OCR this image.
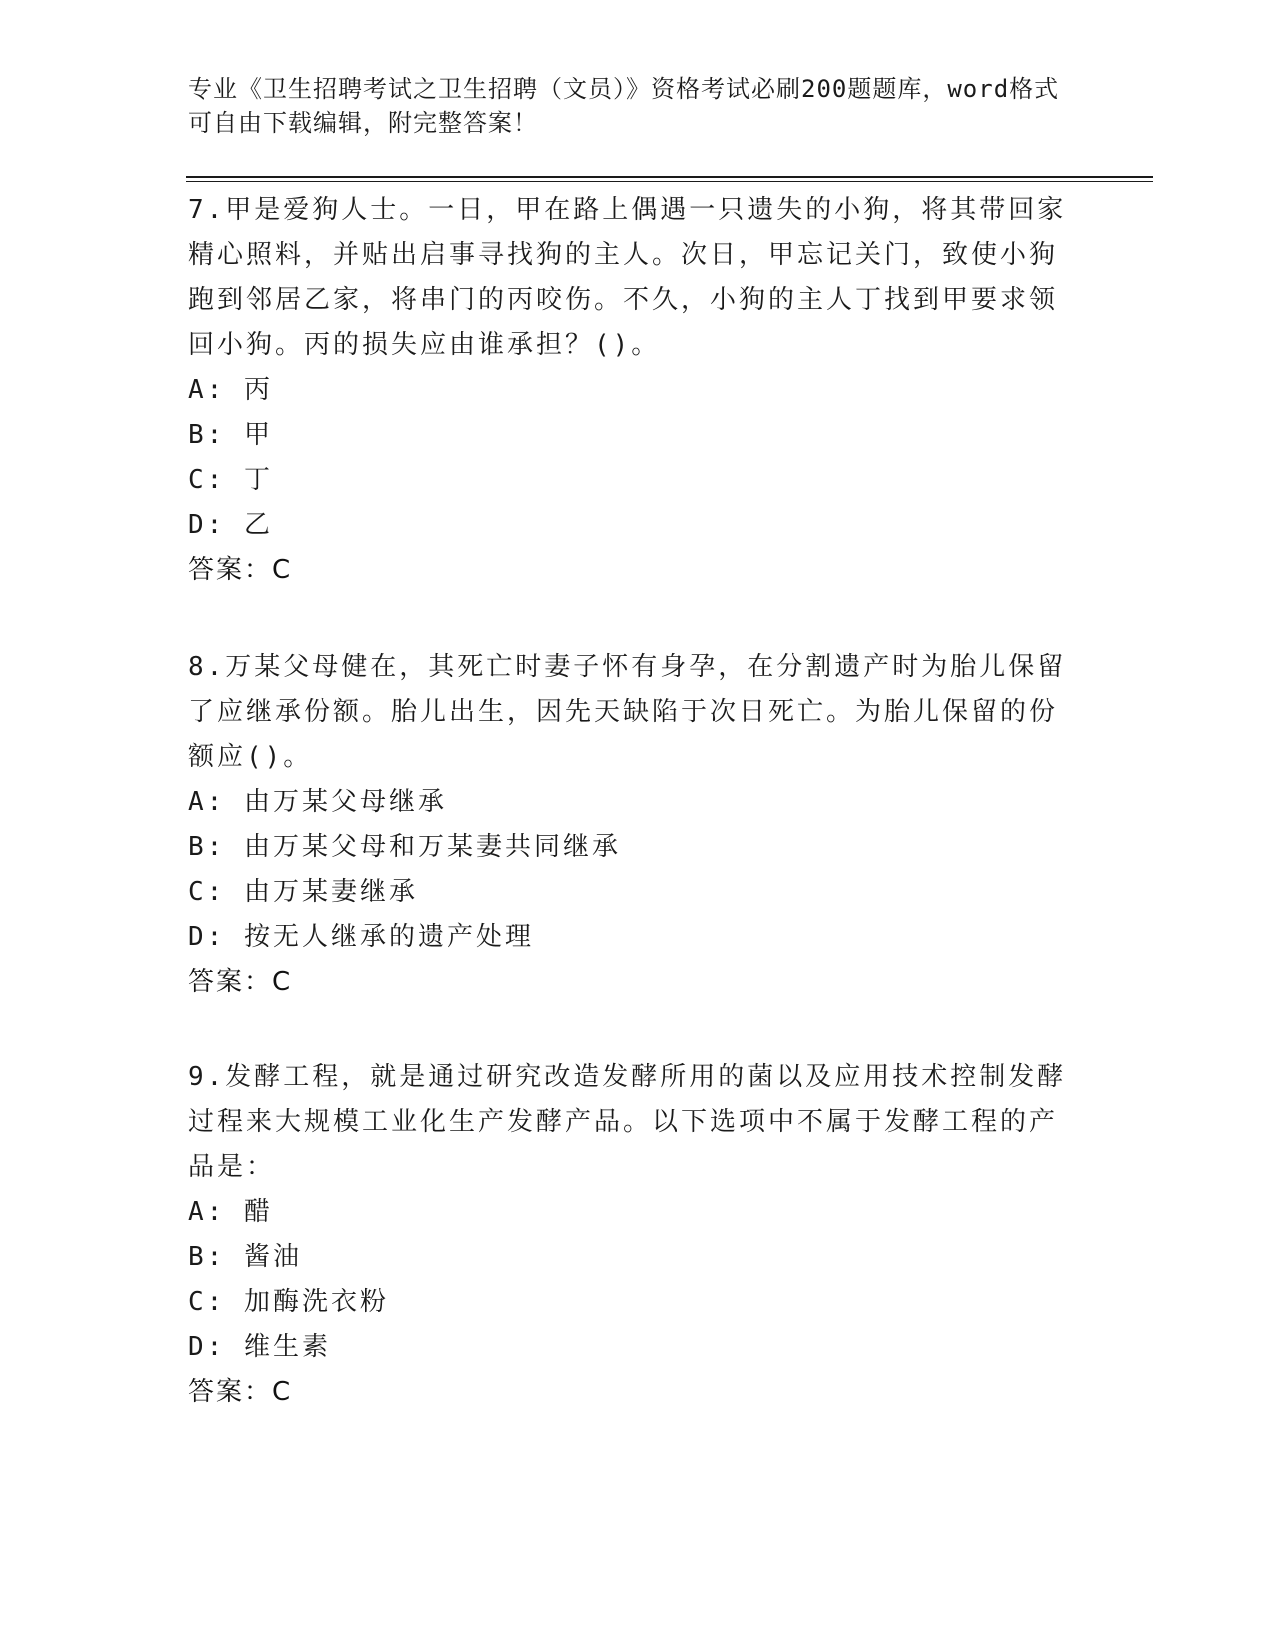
专业《卫生招聘考试之卫生招聘（文员）》资格考试必刷200题题库，word格式
可自由下载编辑，附完整答案！
7.甲是爱狗人士。一日，甲在路上偶遇一只遗失的小狗，将其带回家精心照料，并贴出启事寻找狗的主人。次日，甲忘记关门，致使小狗跑到邻居乙家，将串门的丙咬伤。不久，小狗的主人丁找到甲要求领回小狗。丙的损失应由谁承担？()。
A: 丙
B: 甲
C: 丁
D: 乙
答案：C
8.万某父母健在，其死亡时妻子怀有身孕，在分割遗产时为胎儿保留了应继承份额。胎儿出生，因先天缺陷于次日死亡。为胎儿保留的份额应()。
A: 由万某父母继承
B: 由万某父母和万某妻共同继承
C: 由万某妻继承
D: 按无人继承的遗产处理
答案：C
9.发酵工程，就是通过研究改造发酵所用的菌以及应用技术控制发酵过程来大规模工业化生产发酵产品。以下选项中不属于发酵工程的产品是：
A: 醋
B: 酱油
C: 加酶洗衣粉
D: 维生素
答案：C
